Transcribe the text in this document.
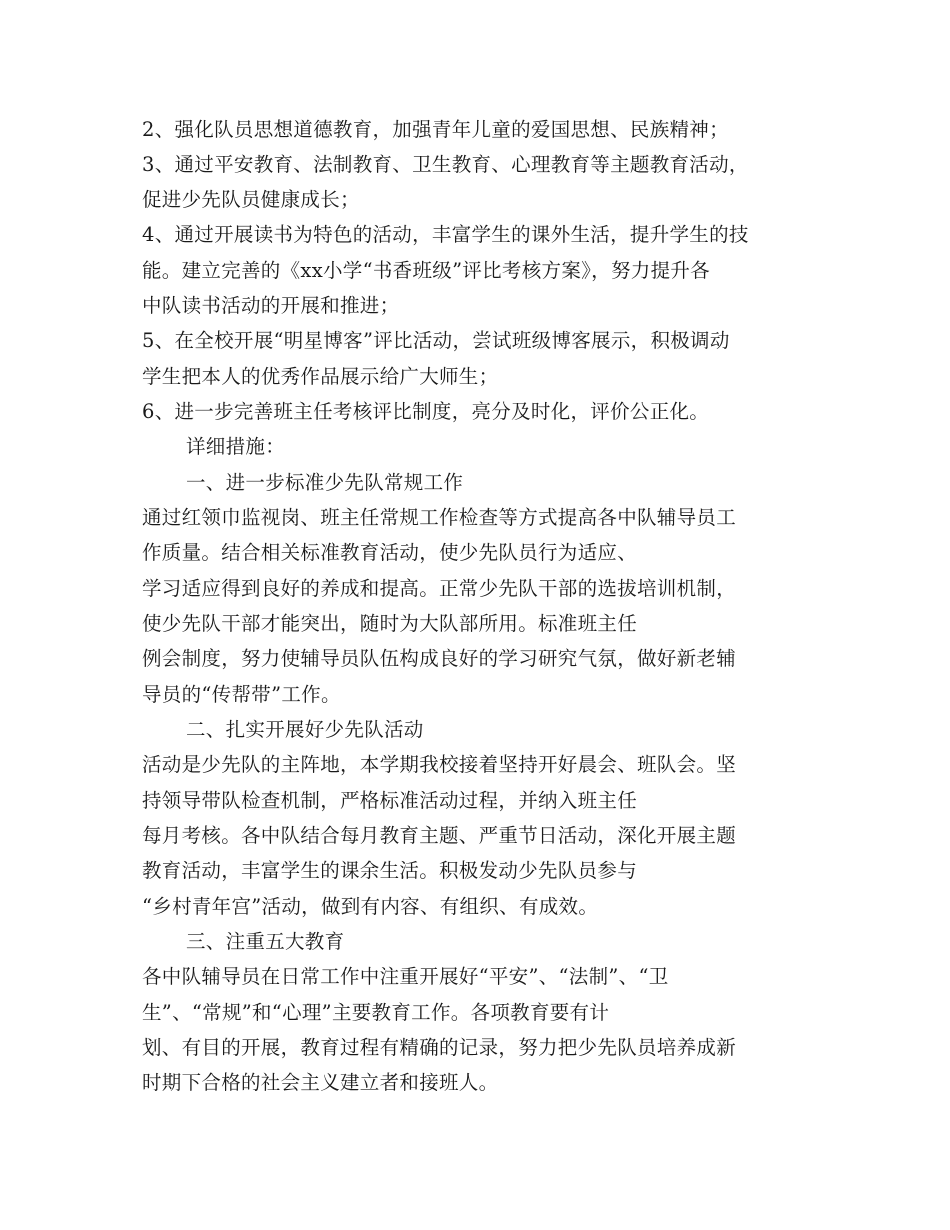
2、强化队员思想道德教育，加强青年儿童的爱国思想、民族精神；
3、通过平安教育、法制教育、卫生教育、心理教育等主题教育活动，
促进少先队员健康成长；
4、通过开展读书为特色的活动，丰富学生的课外生活，提升学生的技
能。建立完善的《xx小学“书香班级”评比考核方案》，努力提升各
中队读书活动的开展和推进；
5、在全校开展“明星博客”评比活动，尝试班级博客展示，积极调动
学生把本人的优秀作品展示给广大师生；
6、进一步完善班主任考核评比制度，亮分及时化，评价公正化。
详细措施：
一、进一步标准少先队常规工作
通过红领巾监视岗、班主任常规工作检查等方式提高各中队辅导员工
作质量。结合相关标准教育活动，使少先队员行为适应、
学习适应得到良好的养成和提高。正常少先队干部的选拔培训机制，
使少先队干部才能突出，随时为大队部所用。标准班主任
例会制度，努力使辅导员队伍构成良好的学习研究气氛，做好新老辅
导员的“传帮带”工作。
二、扎实开展好少先队活动
活动是少先队的主阵地，本学期我校接着坚持开好晨会、班队会。坚
持领导带队检查机制，严格标准活动过程，并纳入班主任
每月考核。各中队结合每月教育主题、严重节日活动，深化开展主题
教育活动，丰富学生的课余生活。积极发动少先队员参与
“乡村青年宫”活动，做到有内容、有组织、有成效。
三、注重五大教育
各中队辅导员在日常工作中注重开展好“平安”、“法制”、“卫
生”、“常规”和“心理”主要教育工作。各项教育要有计
划、有目的开展，教育过程有精确的记录，努力把少先队员培养成新
时期下合格的社会主义建立者和接班人。
